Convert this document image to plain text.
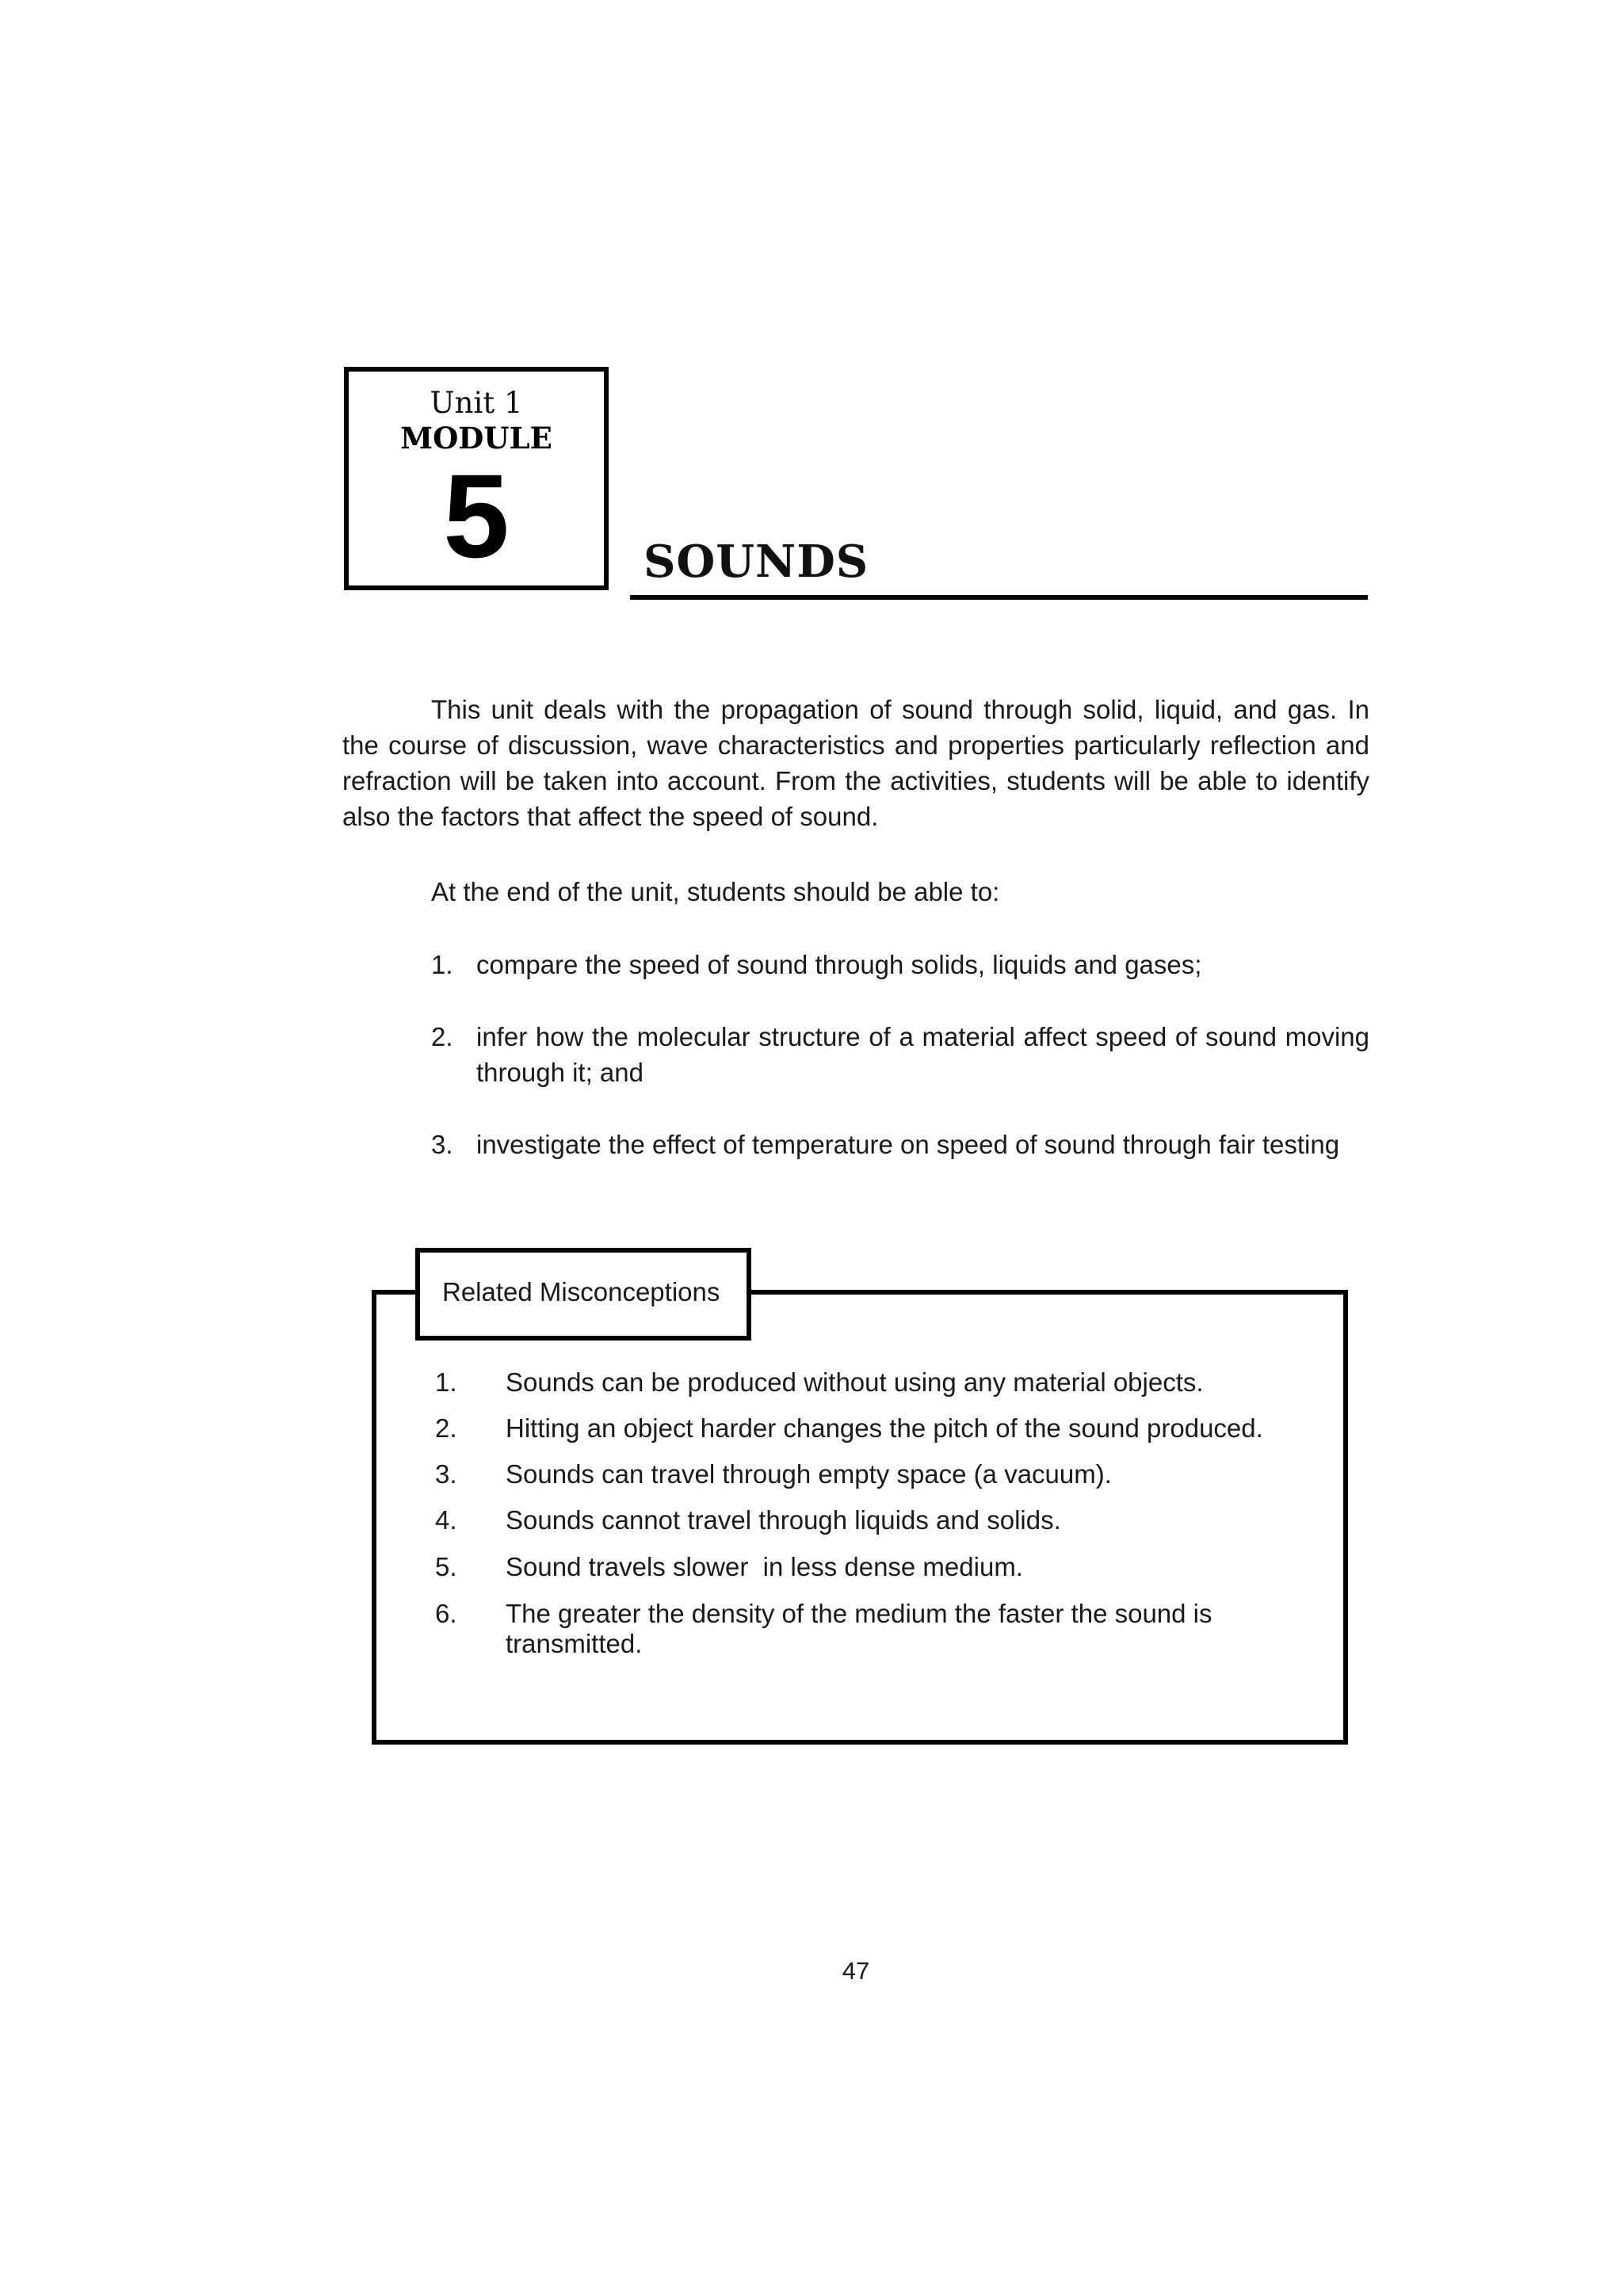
Unit 1
MODULE
5	SOUNDS

This unit deals with the propagation of sound through solid, liquid, and gas. In the course of discussion, wave characteristics and properties particularly reflection and refraction will be taken into account. From the activities, students will be able to identify also the factors that affect the speed of sound.

At the end of the unit, students should be able to:
1. compare the speed of sound through solids, liquids and gases;
2. infer how the molecular structure of a material affect speed of sound moving through it; and
3. investigate the effect of temperature on speed of sound through fair testing
Related Misconceptions
1.	Sounds can be produced without using any material objects.
2.	Hitting an object harder changes the pitch of the sound produced.
3.	Sounds can travel through empty space (a vacuum).
4.	Sounds cannot travel through liquids and solids.
5.	Sound travels slower  in less dense medium.
6.	The greater the density of the medium the faster the sound is transmitted.
47
